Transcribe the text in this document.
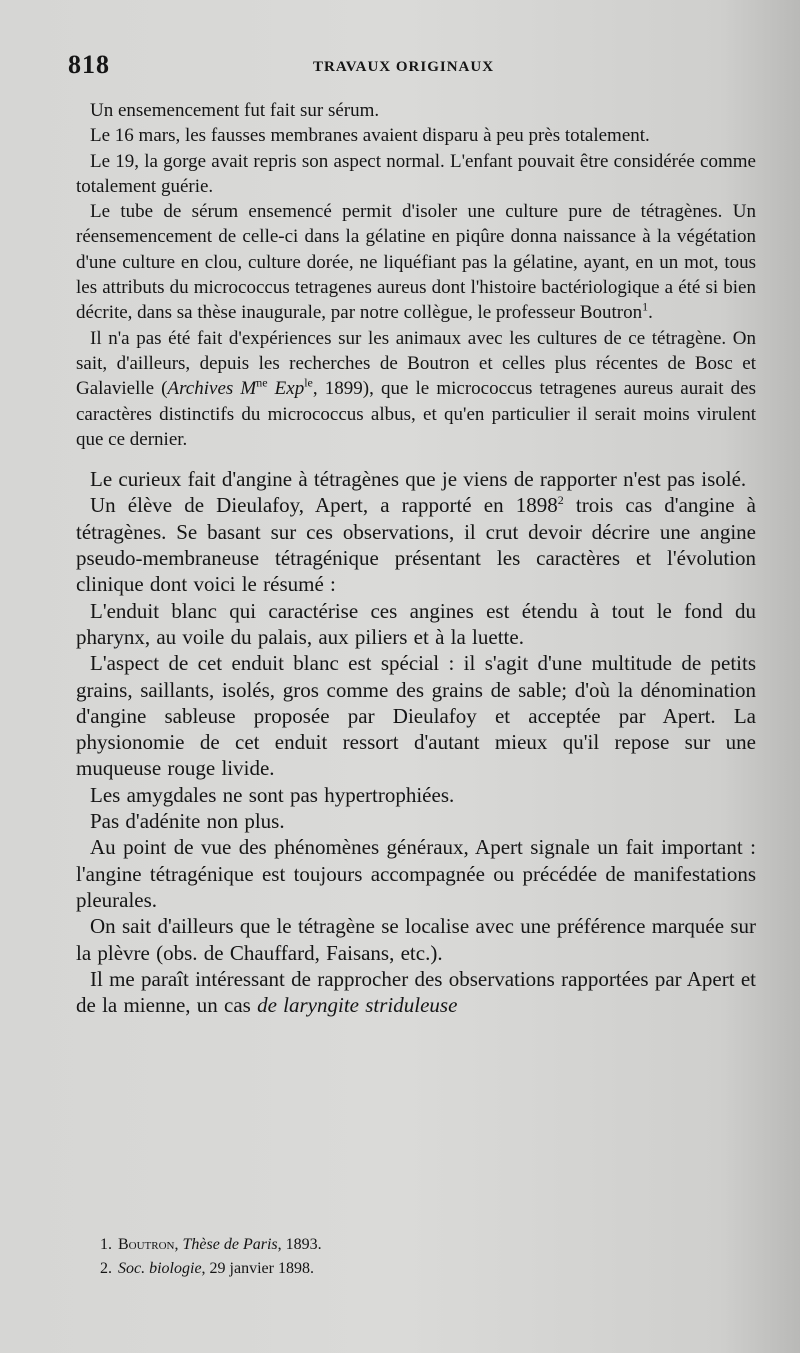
818	TRAVAUX ORIGINAUX

Un ensemencement fut fait sur sérum.

Le 16 mars, les fausses membranes avaient disparu à peu près totalement.

Le 19, la gorge avait repris son aspect normal. L'enfant pouvait être considérée comme totalement guérie.

Le tube de sérum ensemencé permit d'isoler une culture pure de tétragènes. Un réensemencement de celle-ci dans la gélatine en piqûre donna naissance à la végétation d'une culture en clou, culture dorée, ne liquéfiant pas la gélatine, ayant, en un mot, tous les attributs du micrococcus tetragenes aureus dont l'histoire bactériologique a été si bien décrite, dans sa thèse inaugurale, par notre collègue, le professeur Boutron$^1$.

Il n'a pas été fait d'expériences sur les animaux avec les cultures de ce tétragène. On sait, d'ailleurs, depuis les recherches de Boutron et celles plus récentes de Bosc et Galavielle (Archives $M^{ne}$ Exp$^{le}$, 1899), que le micrococcus tetragenes aureus aurait des caractères distinctifs du micrococcus albus, et qu'en particulier il serait moins virulent que ce dernier.

Le curieux fait d'angine à tétragènes que je viens de rapporter n'est pas isolé.

Un élève de Dieulafoy, Apert, a rapporté en 1898$^2$ trois cas d'angine à tétragènes. Se basant sur ces observations, il crut devoir décrire une angine pseudo-membraneuse tétragénique présentant les caractères et l'évolution clinique dont voici le résumé :

L'enduit blanc qui caractérise ces angines est étendu à tout le fond du pharynx, au voile du palais, aux piliers et à la luette.

L'aspect de cet enduit blanc est spécial : il s'agit d'une multitude de petits grains, saillants, isolés, gros comme des grains de sable; d'où la dénomination d'angine sableuse proposée par Dieulafoy et acceptée par Apert. La physionomie de cet enduit ressort d'autant mieux qu'il repose sur une muqueuse rouge livide.

Les amygdales ne sont pas hypertrophiées.

Pas d'adénite non plus.

Au point de vue des phénomènes généraux, Apert signale un fait important : l'angine tétragénique est toujours accompagnée ou précédée de manifestations pleurales.

On sait d'ailleurs que le tétragène se localise avec une préférence marquée sur la plèvre (obs. de Chauffard, Faisans, etc.).

Il me paraît intéressant de rapprocher des observations rapportées par Apert et de la mienne, un cas de laryngite striduleuse

1. Boutron, Thèse de Paris, 1893.
2. Soc. biologie, 29 janvier 1898.
